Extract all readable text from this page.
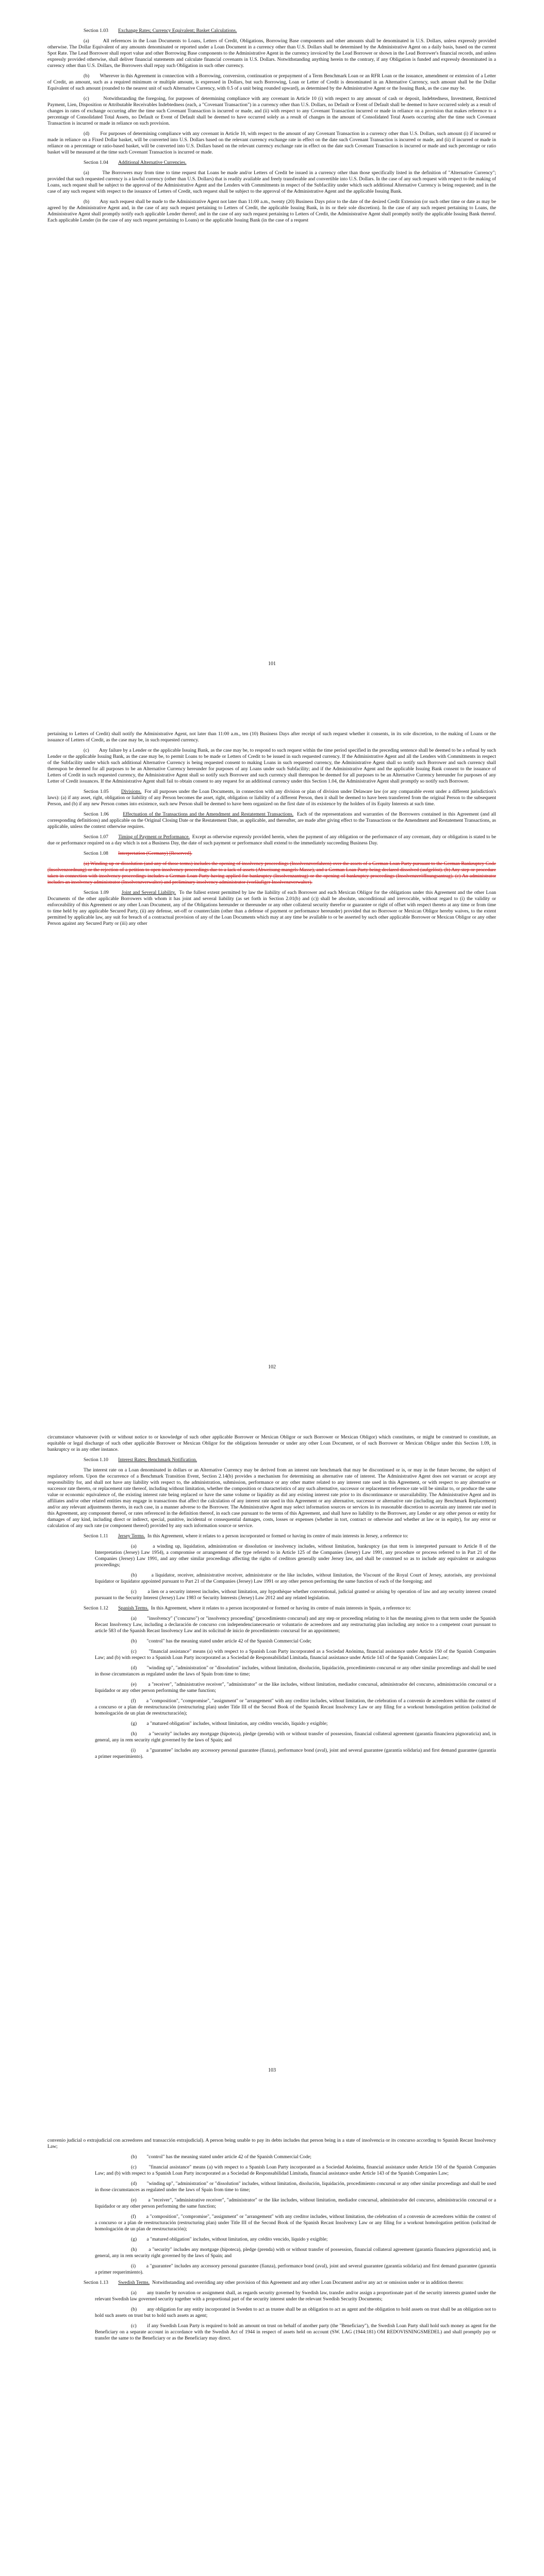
Section 1.03 Exchange Rates; Currency Equivalent; Basket Calculations.

(a)	All references in the Loan Documents to Loans, Letters of Credit, Obligations, Borrowing Base components and other amounts shall be denominated in U.S. Dollars, unless expressly provided otherwise. The Dollar Equivalent of any amounts denominated or reported under a Loan Document in a currency other than U.S. Dollars shall be determined by the Administrative Agent on a daily basis, based on the current Spot Rate. The Lead Borrower shall report value and other Borrowing Base components to the Administrative Agent in the currency invoiced by the Lead Borrower or shown in the Lead Borrower's financial records, and unless expressly provided otherwise, shall deliver financial statements and calculate financial covenants in U.S. Dollars. Notwithstanding anything herein to the contrary, if any Obligation is funded and expressly denominated in a currency other than U.S. Dollars, the Borrowers shall repay such Obligation in such other currency.

(b) Wherever in this Agreement in connection with a Borrowing, conversion, continuation or prepayment of a Term Benchmark Loan or an RFR Loan or the issuance, amendment or extension of a Letter of Credit, an amount, such as a required minimum or multiple amount, is expressed in Dollars, but such Borrowing, Loan or Letter of Credit is denominated in an Alternative Currency, such amount shall be the Dollar Equivalent of such amount (rounded to the nearest unit of such Alternative Currency, with 0.5 of a unit being rounded upward), as determined by the Administrative Agent or the Issuing Bank, as the case may be.

(c)	Notwithstanding the foregoing, for purposes of determining compliance with any covenant in Article 10 (i) with respect to any amount of cash or deposit, Indebtedness, Investment, Restricted Payment, Lien, Disposition or Attributable Receivables Indebtedness (each, a "Covenant Transaction") in a currency other than U.S. Dollars, no Default or Event of Default shall be deemed to have occurred solely as a result of changes in rates of exchange occurring after the time such Covenant Transaction is incurred or made, and (ii) with respect to any Covenant Transaction incurred or made in reliance on a provision that makes reference to a percentage of Consolidated Total Assets, no Default or Event of Default shall be deemed to have occurred solely as a result of changes in the amount of Consolidated Total Assets occurring after the time such Covenant Transaction is incurred or made in reliance on such provision.

(d) For purposes of determining compliance with any covenant in Article 10, with respect to the amount of any Covenant Transaction in a currency other than U.S. Dollars, such amount (i) if incurred or made in reliance on a Fixed Dollar basket, will be converted into U.S. Dollars based on the relevant currency exchange rate in effect on the date such Covenant Transaction is incurred or made, and (ii) if incurred or made in reliance on a percentage or ratio-based basket, will be converted into U.S. Dollars based on the relevant currency exchange rate in effect on the date such Covenant Transaction is incurred or made and such percentage or ratio basket will be measured at the time such Covenant Transaction is incurred or made.

Section 1.04 Additional Alternative Currencies.

(a)	The Borrowers may from time to time request that Loans be made and/or Letters of Credit be issued in a currency other than those specifically listed in the definition of "Alternative Currency"; provided that such requested currency is a lawful currency (other than U.S. Dollars) that is readily available and freely transferable and convertible into U.S. Dollars. In the case of any such request with respect to the making of Loans, such request shall be subject to the approval of the Administrative Agent and the Lenders with Commitments in respect of the Subfacility under which such additional Alternative Currency is being requested; and in the case of any such request with respect to the issuance of Letters of Credit, such request shall be subject to the approval of the Administrative Agent and the applicable Issuing Bank.

(b) Any such request shall be made to the Administrative Agent not later than 11:00 a.m., twenty (20) Business Days prior to the date of the desired Credit Extension (or such other time or date as may be agreed by the Administrative Agent and, in the case of any such request pertaining to Letters of Credit, the applicable Issuing Bank, in its or their sole discretion). In the case of any such request pertaining to Loans, the Administrative Agent shall promptly notify each applicable Lender thereof; and in the case of any such request pertaining to Letters of Credit, the Administrative Agent shall promptly notify the applicable Issuing Bank thereof. Each applicable Lender (in the case of any such request pertaining to Loans) or the applicable Issuing Bank (in the case of a request

101

pertaining to Letters of Credit) shall notify the Administrative Agent, not later than 11:00 a.m., ten (10) Business Days after receipt of such request whether it consents, in its sole discretion, to the making of Loans or the issuance of Letters of Credit, as the case may be, in such requested currency.

(c) Any failure by a Lender or the applicable Issuing Bank, as the case may be, to respond to such request within the time period specified in the preceding sentence shall be deemed to be a refusal by such Lender or the applicable Issuing Bank, as the case may be, to permit Loans to be made or Letters of Credit to be issued in such requested currency. If the Administrative Agent and all the Lenders with Commitments in respect of the Subfacility under which such additional Alternative Currency is being requested consent to making Loans in such requested currency, the Administrative Agent shall so notify such Borrower and such currency shall thereupon be deemed for all purposes to be an Alternative Currency hereunder for purposes of any Loans under such Subfacility; and if the Administrative Agent and the applicable Issuing Bank consent to the issuance of Letters of Credit in such requested currency, the Administrative Agent shall so notify such Borrower and such currency shall thereupon be deemed for all purposes to be an Alternative Currency hereunder for purposes of any Letter of Credit issuances. If the Administrative Agent shall fail to obtain consent to any request for an additional currency under this Section 1.04, the Administrative Agent shall promptly so notify such Borrower.

Section 1.05	Divisions. For all purposes under the Loan Documents, in connection with any division or plan of division under Delaware law (or any comparable event under a different jurisdiction's laws): (a) if any asset, right, obligation or liability of any Person becomes the asset, right, obligation or liability of a different Person, then it shall be deemed to have been transferred from the original Person to the subsequent Person, and (b) if any new Person comes into existence, such new Person shall be deemed to have been organized on the first date of its existence by the holders of its Equity Interests at such time.

Section 1.06	Effectuation of the Transactions and the Amendment and Restatement Transactions. Each of the representations and warranties of the Borrowers contained in this Agreement (and all corresponding definitions) and applicable on the Original Closing Date or the Restatement Date, as applicable, and thereafter, are made after giving effect to the Transactions or the Amendment and Restatement Transactions, as applicable, unless the context otherwise requires.

Section 1.07 Timing of Payment or Performance. Except as otherwise expressly provided herein, when the payment of any obligation or the performance of any covenant, duty or obligation is stated to be due or performance required on a day which is not a Business Day, the date of such payment or performance shall extend to the immediately succeeding Business Day.

Section 1.08 Interpretation (Germany) [Reserved].

(a) Winding-up or dissolution (and any of those terms) includes the opening of insolvency proceedings (Insolvenzverfahren) over the assets of a German Loan Party pursuant to the German Bankruptcy Code (Insolvenzordnung) or the rejection of a petition to open insolvency proceedings due to a lack of assets (Abweisung mangels Masse), and a German Loan Party being declared dissolved (aufgelöst). (b) Any step or procedure taken in connection with insolvency proceedings includes a German Loan Party having applied for bankruptcy (Insolvenzantrag) or the opening of bankruptcy proceedings (Insolvenzeröffnungsantrag). (c) An administrator includes an insolvency administrator (Insolvenzverwalter) and preliminary insolvency administrator (vorläufiger Insolvenzverwalter).

Section 1.09	Joint and Several Liability. To the fullest extent permitted by law the liability of each Borrower and each Mexican Obligor for the obligations under this Agreement and the other Loan Documents of the other applicable Borrowers with whom it has joint and several liability (as set forth in Section 2.01(b) and (c)) shall be absolute, unconditional and irrevocable, without regard to (i) the validity or enforceability of this Agreement or any other Loan Document, any of the Obligations hereunder or thereunder or any other collateral security therefor or guarantee or right of offset with respect thereto at any time or from time to time held by any applicable Secured Party, (ii) any defense, set-off or counterclaim (other than a defense of payment or performance hereunder) provided that no Borrower or Mexican Obligor hereby waives, to the extent permitted by applicable law, any suit for breach of a contractual provision of any of the Loan Documents which may at any time be available to or be asserted by such other applicable Borrower or Mexican Obligor or any other Person against any Secured Party or (iii) any other

102

circumstance whatsoever (with or without notice to or knowledge of such other applicable Borrower or Mexican Obligor or such Borrower or Mexican Obligor) which constitutes, or might be construed to constitute, an equitable or legal discharge of such other applicable Borrower or Mexican Obligor for the obligations hereunder or under any other Loan Document, or of such Borrower or Mexican Obligor under this Section 1.09, in bankruptcy or in any other instance.

Section 1.10 Interest Rates; Benchmark Notification.

The interest rate on a Loan denominated in dollars or an Alternative Currency may be derived from an interest rate benchmark that may be discontinued or is, or may in the future become, the subject of regulatory reform. Upon the occurrence of a Benchmark Transition Event, Section 2.14(b) provides a mechanism for determining an alternative rate of interest. The Administrative Agent does not warrant or accept any responsibility for, and shall not have any liability with respect to, the administration, submission, performance or any other matter related to any interest rate used in this Agreement, or with respect to any alternative or successor rate thereto, or replacement rate thereof, including without limitation, whether the composition or characteristics of any such alternative, successor or replacement reference rate will be similar to, or produce the same value or economic equivalence of, the existing interest rate being replaced or have the same volume or liquidity as did any existing interest rate prior to its discontinuance or unavailability. The Administrative Agent and its affiliates and/or other related entities may engage in transactions that affect the calculation of any interest rate used in this Agreement or any alternative, successor or alternative rate (including any Benchmark Replacement) and/or any relevant adjustments thereto, in each case, in a manner adverse to the Borrower. The Administrative Agent may select information sources or services in its reasonable discretion to ascertain any interest rate used in this Agreement, any component thereof, or rates referenced in the definition thereof, in each case pursuant to the terms of this Agreement, and shall have no liability to the Borrower, any Lender or any other person or entity for damages of any kind, including direct or indirect, special, punitive, incidental or consequential damages, costs, losses or expenses (whether in tort, contract or otherwise and whether at law or in equity), for any error or calculation of any such rate (or component thereof) provided by any such information source or service.

Section 1.11 Jersey Terms. In this Agreement, where it relates to a person incorporated or formed or having its centre of main interests in Jersey, a reference to:

(a)	a winding up, liquidation, administration or dissolution or insolvency includes, without limitation, bankruptcy (as that term is interpreted pursuant to Article 8 of the Interpretation (Jersey) Law 1954), a compromise or arrangement of the type referred to in Article 125 of the Companies (Jersey) Law 1991, any procedure or process referred to in Part 21 of the Companies (Jersey) Law 1991, and any other similar proceedings affecting the rights of creditors generally under Jersey law, and shall be construed so as to include any equivalent or analogous proceedings;

(b)	a liquidator, receiver, administrative receiver, administrator or the like includes, without limitation, the Viscount of the Royal Court of Jersey, autorisés, any provisional liquidator or liquidator appointed pursuant to Part 21 of the Companies (Jersey) Law 1991 or any other person performing the same function of each of the foregoing; and

(c) a lien or a security interest includes, without limitation, any hypothèque whether conventional, judicial granted or arising by operation of law and any security interest created pursuant to the Security Interest (Jersey) Law 1983 or Security Interests (Jersey) Law 2012 and any related legislation.

Section 1.12 Spanish Terms. In this Agreement, where it relates to a person incorporated or formed or having its centre of main interests in Spain, a reference to:

(a) "insolvency" ("concurso") or "insolvency proceeding" (procedimiento concursal) and any step or proceeding relating to it has the meaning given to that term under the Spanish Recast Insolvency Law, including a declaración de concurso con independencianecesario or voluntario de acreedores and any restructuring plan including any notice to a competent court pursuant to article 583 of the Spanish Recast Insolvency Law and its solicitud de inicio de procedimiento concursal for an appointment;

(b) "control" has the meaning stated under article 42 of the Spanish Commercial Code;

(c) "financial assistance" means (a) with respect to a Spanish Loan Party incorporated as a Sociedad Anónima, financial assistance under Article 150 of the Spanish Companies Law; and (b) with respect to a Spanish Loan Party incorporated as a Sociedad de Responsabilidad Limitada, financial assistance under Article 143 of the Spanish Companies Law;

(d) "winding up", "administration" or "dissolution" includes, without limitation, disolución, liquidación, procedimiento concursal or any other similar proceedings and shall be used in those circumstances as regulated under the laws of Spain from time to time;

(e) a "receiver", "administrative receiver", "administrator" or the like includes, without limitation, mediador concursal, administrador del concurso, administración concursal or a liquidador or any other person performing the same function;

(f) a "composition", "compromise", "assignment" or "arrangement" with any creditor includes, without limitation, the celebration of a convenio de acreedores within the context of a concurso or a plan de reestructuración (restructuring plan) under Title III of the Second Book of the Spanish Recast Insolvency Law or any filing for a workout homologation petition (solicitud de homologación de un plan de reestructuración);

(g) a "matured obligation" includes, without limitation, any crédito vencido, líquido y exigible;

(h) a "security" includes any mortgage (hipoteca), pledge (prenda) with or without transfer of possession, financial collateral agreement (garantía financiera pignoraticia) and, in general, any in rem security right governed by the laws of Spain; and

(i) a "guarantee" includes any accessory personal guarantee (fianza), performance bond (aval), joint and several guarantee (garantía solidaria) and first demand guarantee (garantía a primer requerimiento).

103

convenio judicial o extrajudicial con acreedores and transacción extrajudicial). A person being unable to pay its debts includes that person being in a state of insolvencia or its concurso according to Spanish Recast Insolvency Law;

(b) "control" has the meaning stated under article 42 of the Spanish Commercial Code;

(c) "financial assistance" means (a) with respect to a Spanish Loan Party incorporated as a Sociedad Anónima, financial assistance under Article 150 of the Spanish Companies Law; and (b) with respect to a Spanish Loan Party incorporated as a Sociedad de Responsabilidad Limitada, financial assistance under Article 143 of the Spanish Companies Law;

(d) "winding up", "administration" or "dissolution" includes, without limitation, disolución, liquidación, procedimiento concursal or any other similar proceedings and shall be used in those circumstances as regulated under the laws of Spain from time to time;

(e) a "receiver", "administrative receiver", "administrator" or the like includes, without limitation, mediador concursal, administrador del concurso, administración concursal or a liquidador or any other person performing the same function;

(f) a "composition", "compromise", "assignment" or "arrangement" with any creditor includes, without limitation, the celebration of a convenio de acreedores within the context of a concurso or a plan de reestructuración (restructuring plan) under Title III of the Second Book of the Spanish Recast Insolvency Law or any filing for a workout homologation petition (solicitud de homologación de un plan de reestructuración);

(g) a "matured obligation" includes, without limitation, any crédito vencido, líquido y exigible;

(h) a "security" includes any mortgage (hipoteca), pledge (prenda) with or without transfer of possession, financial collateral agreement (garantía financiera pignoraticia) and, in general, any in rem security right governed by the laws of Spain; and

(i) a "guarantee" includes any accessory personal guarantee (fianza), performance bond (aval), joint and several guarantee (garantía solidaria) and first demand guarantee (garantía a primer requerimiento).

Section 1.13 Swedish Terms. Notwithstanding and overriding any other provision of this Agreement and any other Loan Document and/or any act or omission under or in addition thereto:

(a) any transfer by novation or assignment shall, as regards security governed by Swedish law, transfer and/or assign a proportionate part of the security interests granted under the relevant Swedish law governed security together with a proportional part of the security interest under the relevant Swedish Security Documents;

(b) any obligation for any entity incorporated in Sweden to act as trustee shall be an obligation to act as agent and the obligation to hold assets on trust shall be an obligation not to hold such assets on trust but to hold such assets as agent;

(c) if any Swedish Loan Party is required to hold an amount on trust on behalf of another party (the "Beneficiary"), the Swedish Loan Party shall hold such money as agent for the Beneficiary on a separate account in accordance with the Swedish Act of 1944 in respect of assets held on account (SW. LAG (1944:181) OM REDOVISNINGSMEDEL) and shall promptly pay or transfer the same to the Beneficiary or as the Beneficiary may direct.
